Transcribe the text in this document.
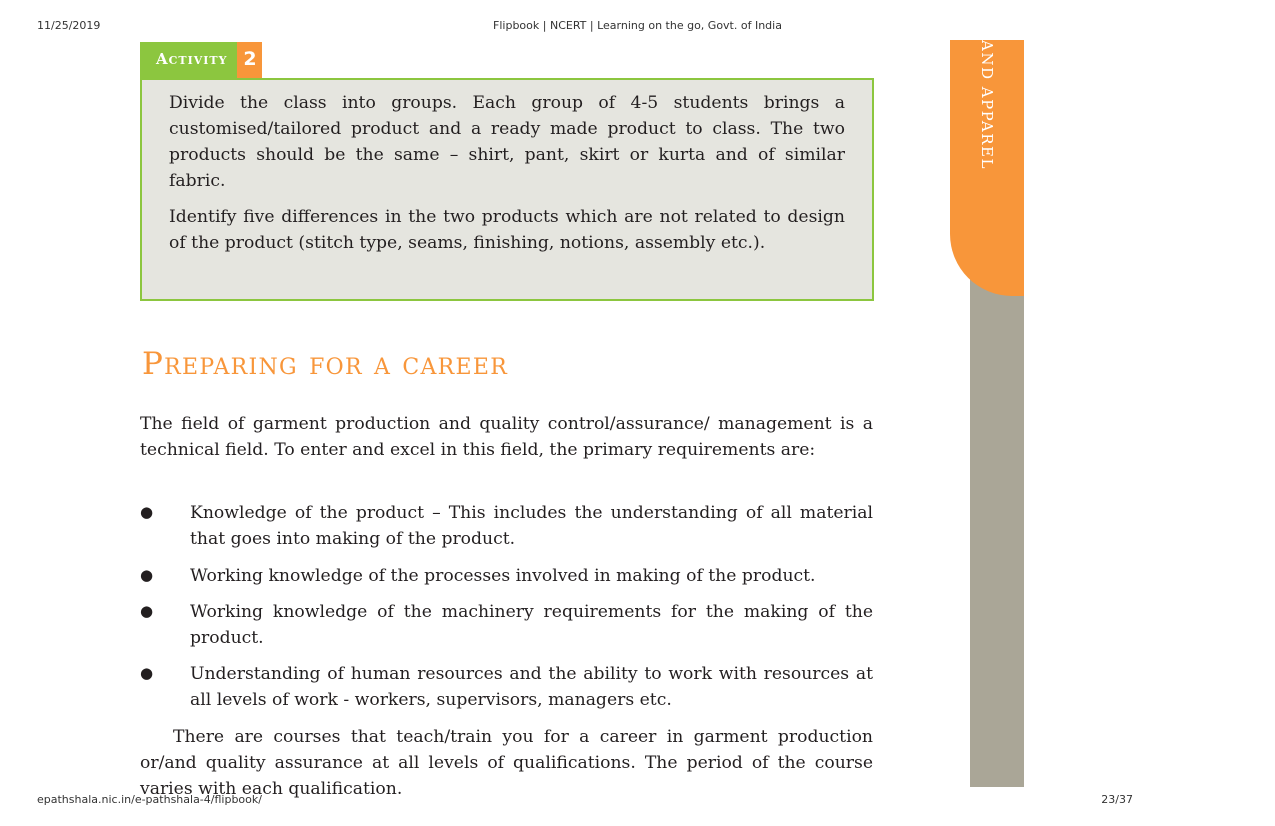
11/25/2019	Flipbook | NCERT | Learning on the go, Govt. of India
AND APPAREL
Activity 2

Divide the class into groups. Each group of 4-5 students brings a customised/tailored product and a ready made product to class. The two products should be the same – shirt, pant, skirt or kurta and of similar fabric.

Identify five differences in the two products which are not related to design of the product (stitch type, seams, finishing, notions, assembly etc.).

Preparing for a career

The field of garment production and quality control/assurance/ management is a technical field. To enter and excel in this field, the primary requirements are:

● Knowledge of the product – This includes the understanding of all material that goes into making of the product.

● Working knowledge of the processes involved in making of the product.

● Working knowledge of the machinery requirements for the making of the product.

● Understanding of human resources and the ability to work with resources at all levels of work - workers, supervisors, managers etc.

There are courses that teach/train you for a career in garment production or/and quality assurance at all levels of qualifications. The period of the course varies with each qualification.

epathshala.nic.in/e-pathshala-4/flipbook/	23/37
